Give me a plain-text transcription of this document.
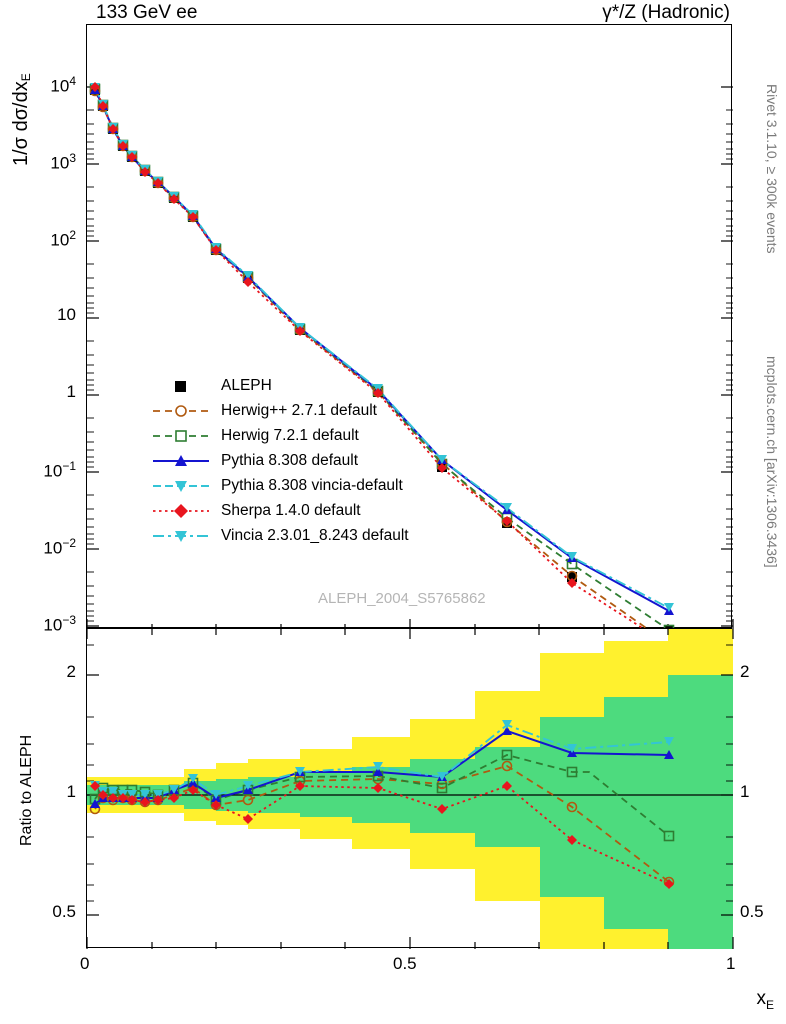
133 GeV ee	γ*/Z (Hadronic)
1/σ $d\sigma/dx_E$
Ratio to ALEPH
Rivet 3.1.10, ≥ 300k events
mcplots.cern.ch [arXiv:1306.3436]
$x_E$
ALEPH
Herwig++ 2.7.1 default
Herwig 7.2.1 default
Pythia 8.308 default
Pythia 8.308 vincia-default
Sherpa 1.4.0 default
Vincia 2.3.01_8.243 default
$10^4$
$10^3$
$10^2$
10
1
$10^{-1}$
$10^{-2}$
$10^{-3}$
ALEPH_2004_S5765862
2
1
0.5
2
1
0.5
0	0.5	1
